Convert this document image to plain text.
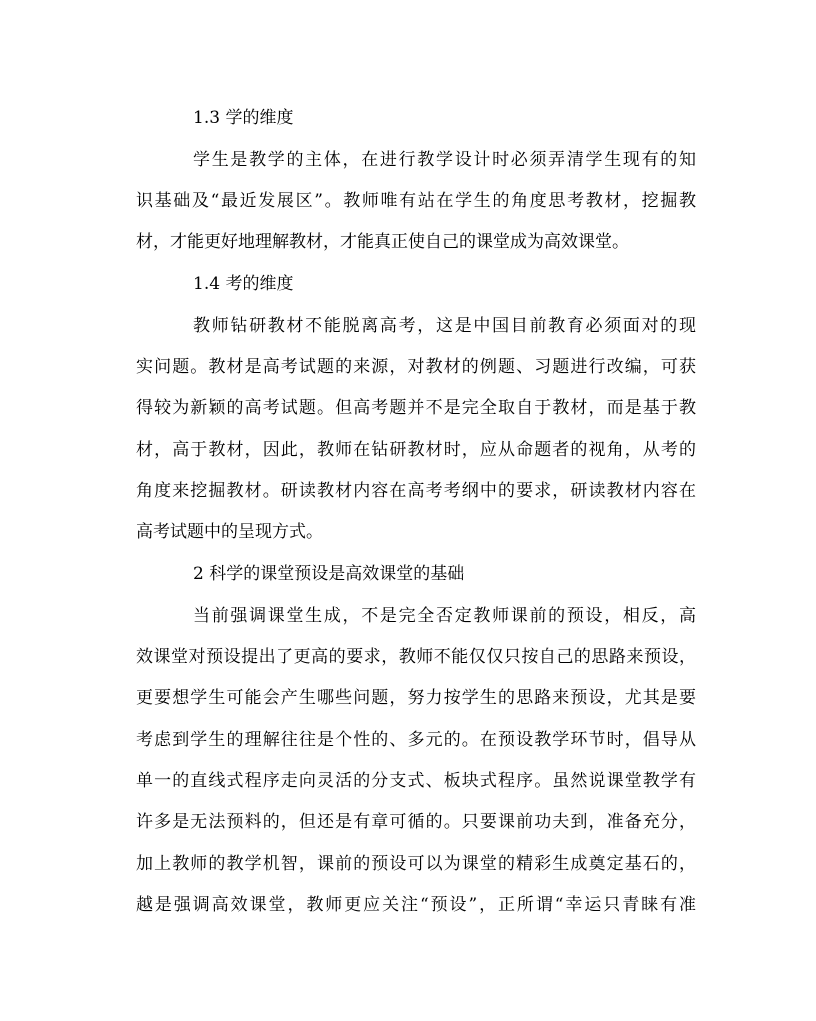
1.3 学的维度
学生是教学的主体，在进行教学设计时必须弄清学生现有的知
识基础及“最近发展区”。教师唯有站在学生的角度思考教材，挖掘教
材，才能更好地理解教材，才能真正使自己的课堂成为高效课堂。
1.4 考的维度
教师钻研教材不能脱离高考，这是中国目前教育必须面对的现
实问题。教材是高考试题的来源，对教材的例题、习题进行改编，可获
得较为新颖的高考试题。但高考题并不是完全取自于教材，而是基于教
材，高于教材，因此，教师在钻研教材时，应从命题者的视角，从考的
角度来挖掘教材。研读教材内容在高考考纲中的要求，研读教材内容在
高考试题中的呈现方式。
2 科学的课堂预设是高效课堂的基础
当前强调课堂生成，不是完全否定教师课前的预设，相反，高
效课堂对预设提出了更高的要求，教师不能仅仅只按自己的思路来预设，
更要想学生可能会产生哪些问题，努力按学生的思路来预设，尤其是要
考虑到学生的理解往往是个性的、多元的。在预设教学环节时，倡导从
单一的直线式程序走向灵活的分支式、板块式程序。虽然说课堂教学有
许多是无法预料的，但还是有章可循的。只要课前功夫到，准备充分，
加上教师的教学机智，课前的预设可以为课堂的精彩生成奠定基石的，
越是强调高效课堂，教师更应关注“预设”，正所谓“幸运只青睐有准
